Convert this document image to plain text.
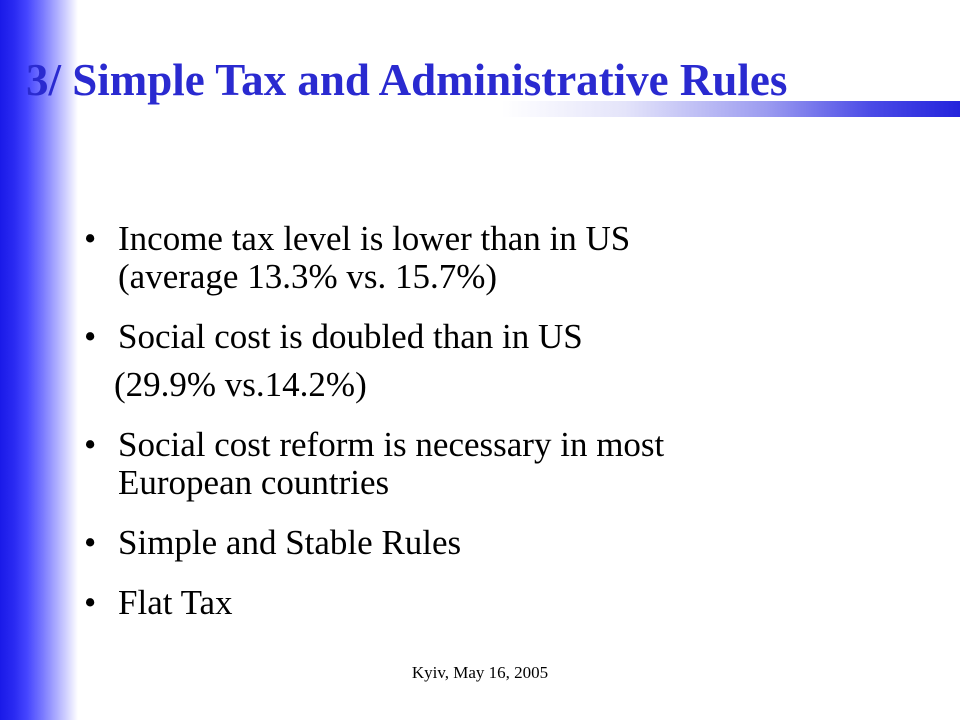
3/ Simple Tax and Administrative Rules
• Income tax level is lower than in US
(average 13.3% vs. 15.7%)
• Social cost is doubled than in US
(29.9% vs.14.2%)
• Social cost reform is necessary in most
European countries
• Simple and Stable Rules
• Flat Tax
Kyiv, May 16, 2005
